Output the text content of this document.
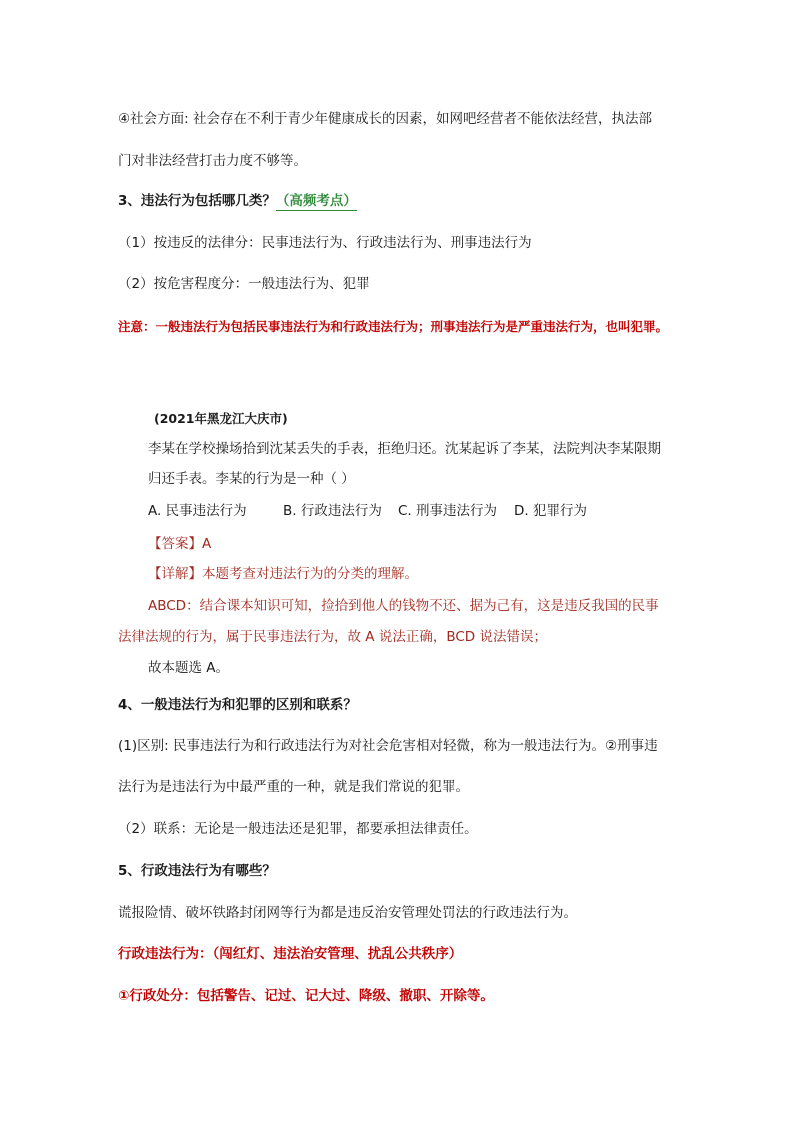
④社会方面: 社会存在不利于青少年健康成长的因素，如网吧经营者不能依法经营，执法部
门对非法经营打击力度不够等。
3、违法行为包括哪几类？（高频考点）
（1）按违反的法律分：民事违法行为、行政违法行为、刑事违法行为
（2）按危害程度分：一般违法行为、犯罪
注意：一般违法行为包括民事违法行为和行政违法行为；刑事违法行为是严重违法行为，也叫犯罪。
(2021年黑龙江大庆市)
李某在学校操场拾到沈某丢失的手表，拒绝归还。沈某起诉了李某，法院判决李某限期
归还手表。李某的行为是一种（ ）
A. 民事违法行为	B. 行政违法行为 C. 刑事违法行为 D. 犯罪行为
【答案】A
【详解】本题考查对违法行为的分类的理解。
ABCD：结合课本知识可知，捡拾到他人的钱物不还、据为己有，这是违反我国的民事
法律法规的行为，属于民事违法行为，故 A 说法正确，BCD 说法错误；
故本题选 A。
4、一般违法行为和犯罪的区别和联系？
(1)区别: 民事违法行为和行政违法行为对社会危害相对轻微，称为一般违法行为。②刑事违
法行为是违法行为中最严重的一种，就是我们常说的犯罪。
（2）联系：无论是一般违法还是犯罪，都要承担法律责任。
5、行政违法行为有哪些？
谎报险情、破坏铁路封闭网等行为都是违反治安管理处罚法的行政违法行为。
行政违法行为：（闯红灯、违法治安管理、扰乱公共秩序）
①行政处分：包括警告、记过、记大过、降级、撤职、开除等。
